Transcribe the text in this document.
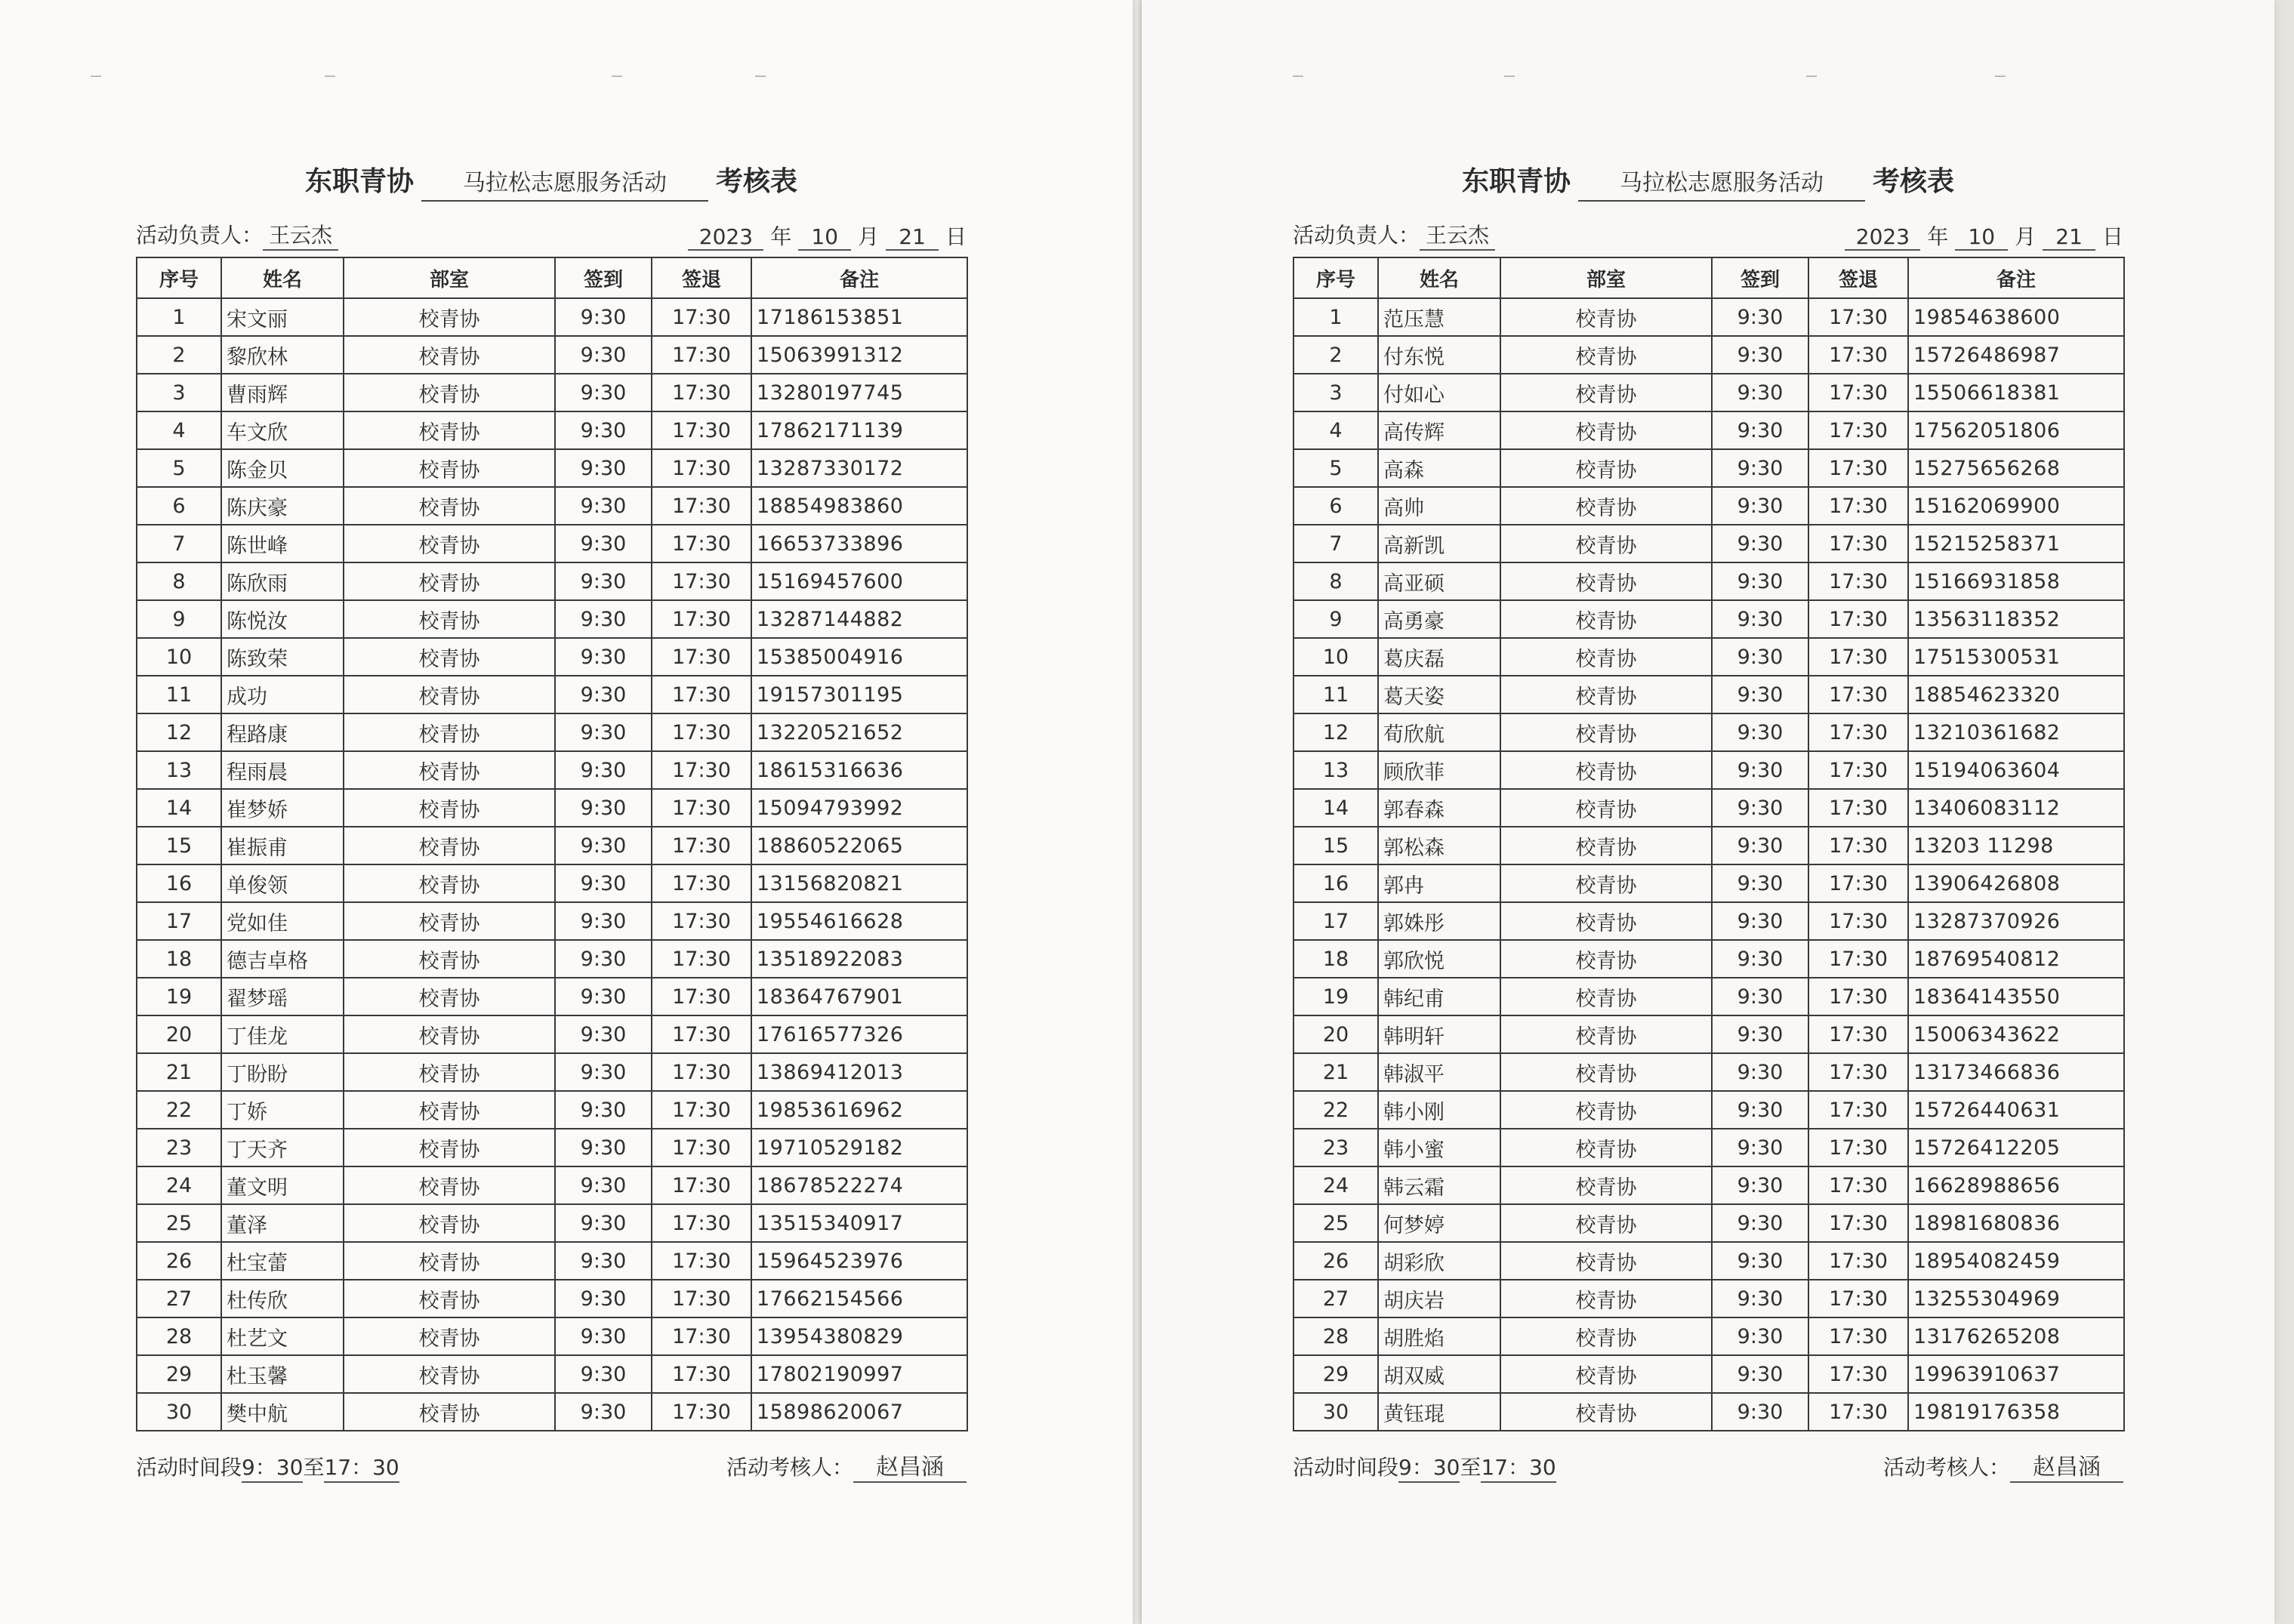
东职青协 马拉松志愿服务活动 考核表
活动负责人： 王云杰	2023 年 10 月 21 日
序号	姓名	部室	签到	签退	备注
1	宋文丽	校青协	9:30	17:30	17186153851
2	黎欣林	校青协	9:30	17:30	15063991312
3	曹雨辉	校青协	9:30	17:30	13280197745
4	车文欣	校青协	9:30	17:30	17862171139
5	陈金贝	校青协	9:30	17:30	13287330172
6	陈庆豪	校青协	9:30	17:30	18854983860
7	陈世峰	校青协	9:30	17:30	16653733896
8	陈欣雨	校青协	9:30	17:30	15169457600
9	陈悦汝	校青协	9:30	17:30	13287144882
10	陈致荣	校青协	9:30	17:30	15385004916
11	成功	校青协	9:30	17:30	19157301195
12	程路康	校青协	9:30	17:30	13220521652
13	程雨晨	校青协	9:30	17:30	18615316636
14	崔梦娇	校青协	9:30	17:30	15094793992
15	崔振甫	校青协	9:30	17:30	18860522065
16	单俊领	校青协	9:30	17:30	13156820821
17	党如佳	校青协	9:30	17:30	19554616628
18	德吉卓格	校青协	9:30	17:30	13518922083
19	翟梦瑶	校青协	9:30	17:30	18364767901
20	丁佳龙	校青协	9:30	17:30	17616577326
21	丁盼盼	校青协	9:30	17:30	13869412013
22	丁娇	校青协	9:30	17:30	19853616962
23	丁天齐	校青协	9:30	17:30	19710529182
24	董文明	校青协	9:30	17:30	18678522274
25	董泽	校青协	9:30	17:30	13515340917
26	杜宝蕾	校青协	9:30	17:30	15964523976
27	杜传欣	校青协	9:30	17:30	17662154566
28	杜艺文	校青协	9:30	17:30	13954380829
29	杜玉馨	校青协	9:30	17:30	17802190997
30	樊中航	校青协	9:30	17:30	15898620067
活动时间段9：30至17：30	活动考核人： 赵昌涵
东职青协 马拉松志愿服务活动 考核表
活动负责人： 王云杰	2023 年 10 月 21 日
序号	姓名	部室	签到	签退	备注
1	范压慧	校青协	9:30	17:30	19854638600
2	付东悦	校青协	9:30	17:30	15726486987
3	付如心	校青协	9:30	17:30	15506618381
4	高传辉	校青协	9:30	17:30	17562051806
5	高森	校青协	9:30	17:30	15275656268
6	高帅	校青协	9:30	17:30	15162069900
7	高新凯	校青协	9:30	17:30	15215258371
8	高亚硕	校青协	9:30	17:30	15166931858
9	高勇豪	校青协	9:30	17:30	13563118352
10	葛庆磊	校青协	9:30	17:30	17515300531
11	葛天姿	校青协	9:30	17:30	18854623320
12	荀欣航	校青协	9:30	17:30	13210361682
13	顾欣菲	校青协	9:30	17:30	15194063604
14	郭春森	校青协	9:30	17:30	13406083112
15	郭松森	校青协	9:30	17:30	13203 11298
16	郭冉	校青协	9:30	17:30	13906426808
17	郭姝彤	校青协	9:30	17:30	13287370926
18	郭欣悦	校青协	9:30	17:30	18769540812
19	韩纪甫	校青协	9:30	17:30	18364143550
20	韩明轩	校青协	9:30	17:30	15006343622
21	韩淑平	校青协	9:30	17:30	13173466836
22	韩小刚	校青协	9:30	17:30	15726440631
23	韩小蜜	校青协	9:30	17:30	15726412205
24	韩云霜	校青协	9:30	17:30	16628988656
25	何梦婷	校青协	9:30	17:30	18981680836
26	胡彩欣	校青协	9:30	17:30	18954082459
27	胡庆岩	校青协	9:30	17:30	13255304969
28	胡胜焰	校青协	9:30	17:30	13176265208
29	胡双威	校青协	9:30	17:30	19963910637
30	黄钰琨	校青协	9:30	17:30	19819176358
活动时间段9：30至17：30	活动考核人： 赵昌涵
